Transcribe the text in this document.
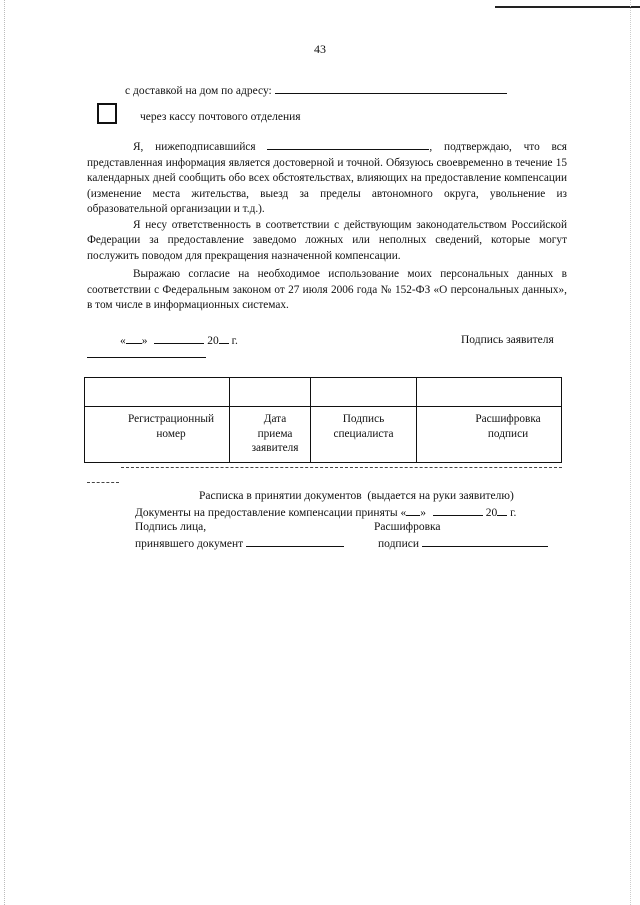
43
с доставкой на дом по адресу:
через кассу почтового отделения

Я, нижеподписавшийся	, подтверждаю, что вся представленная информация является достоверной и точной. Обязуюсь своевременно в течение 15 календарных дней сообщить обо всех обстоятельствах, влияющих на предоставление компенсации (изменение места жительства, выезд за пределы автономного округа, увольнение из образовательной организации и т.д.).

Я несу ответственность в соответствии с действующим законодательством Российской Федерации за предоставление заведомо ложных или неполных сведений, которые могут послужить поводом для прекращения назначенной компенсации.

Выражаю согласие на необходимое использование моих персональных данных в соответствии с Федеральным законом от 27 июля 2006 года № 152-ФЗ «О персональных данных», в том числе в информационных системах.

« »	20 г.	Подпись заявителя

Регистрационный номер	Дата приема заявителя	Подпись специалиста	Расшифровка подписи
Расписка в принятии документов (выдается на руки заявителю)
Документы на предоставление компенсации приняты « »	20 г.
Подпись лица,	Расшифровка
принявшего документ	подписи
